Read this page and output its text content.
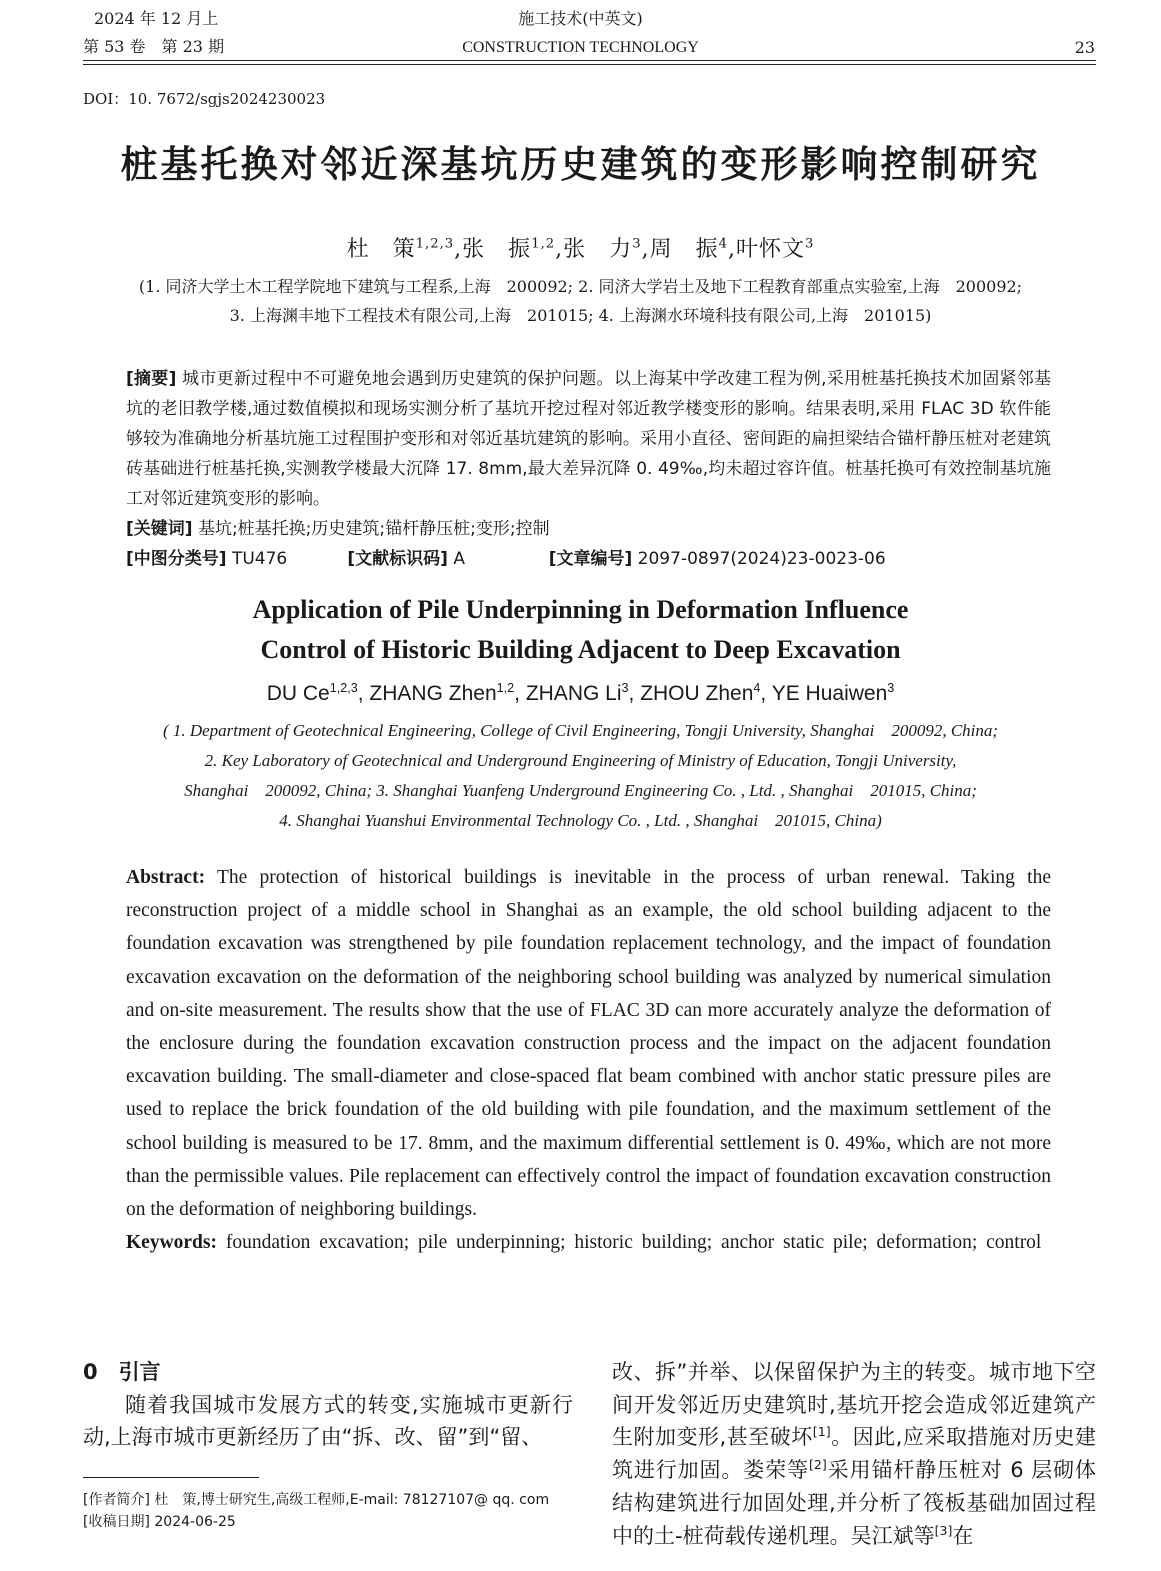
2024 年 12 月上
第 53 卷　第 23 期
施工技术(中英文)
CONSTRUCTION TECHNOLOGY	23
DOI：10. 7672/sgjs2024230023
桩基托换对邻近深基坑历史建筑的变形影响控制研究
杜　策$^{1,2,3}$,张　振$^{1,2}$,张　力$^3$,周　振$^4$,叶怀文$^3$
(1. 同济大学土木工程学院地下建筑与工程系,上海　200092; 2. 同济大学岩土及地下工程教育部重点实验室,上海　200092;
3. 上海渊丰地下工程技术有限公司,上海　201015; 4. 上海渊水环境科技有限公司,上海　201015)

[摘要] 城市更新过程中不可避免地会遇到历史建筑的保护问题。以上海某中学改建工程为例,采用桩基托换技术加固紧邻基坑的老旧教学楼,通过数值模拟和现场实测分析了基坑开挖过程对邻近教学楼变形的影响。结果表明,采用 FLAC 3D 软件能够较为准确地分析基坑施工过程围护变形和对邻近基坑建筑的影响。采用小直径、密间距的扁担梁结合锚杆静压桩对老建筑砖基础进行桩基托换,实测教学楼最大沉降 17. 8mm,最大差异沉降 0. 49‰,均未超过容许值。桩基托换可有效控制基坑施工对邻近建筑变形的影响。

[关键词] 基坑;桩基托换;历史建筑;锚杆静压桩;变形;控制

[中图分类号] TU476	[文献标识码] A	[文章编号] 2097-0897(2024)23-0023-06

Application of Pile Underpinning in Deformation Influence
Control of Historic Building Adjacent to Deep Excavation
DU Ce$^{1,2,3}$, ZHANG Zhen$^{1,2}$, ZHANG Li$^3$, ZHOU Zhen$^4$, YE Huaiwen$^3$
( 1. Department of Geotechnical Engineering, College of Civil Engineering, Tongji University, Shanghai　200092, China;
2. Key Laboratory of Geotechnical and Underground Engineering of Ministry of Education, Tongji University,
Shanghai　200092, China; 3. Shanghai Yuanfeng Underground Engineering Co. , Ltd. , Shanghai　201015, China;
4. Shanghai Yuanshui Environmental Technology Co. , Ltd. , Shanghai　201015, China)

Abstract: The protection of historical buildings is inevitable in the process of urban renewal. Taking the reconstruction project of a middle school in Shanghai as an example, the old school building adjacent to the foundation excavation was strengthened by pile foundation replacement technology, and the impact of foundation excavation excavation on the deformation of the neighboring school building was analyzed by numerical simulation and on-site measurement. The results show that the use of FLAC 3D can more accurately analyze the deformation of the enclosure during the foundation excavation construction process and the impact on the adjacent foundation excavation building. The small-diameter and close-spaced flat beam combined with anchor static pressure piles are used to replace the brick foundation of the old building with pile foundation, and the maximum settlement of the school building is measured to be 17. 8mm, and the maximum differential settlement is 0. 49‰, which are not more than the permissible values. Pile replacement can effectively control the impact of foundation excavation construction on the deformation of neighboring buildings.

Keywords: foundation excavation; pile underpinning; historic building; anchor static pile; deformation; control

0　 引言

随着我国城市发展方式的转变,实施城市更新行动,上海市城市更新经历了由“拆、改、留”到“留、

[作者简介] 杜　策,博士研究生,高级工程师,E-mail: 78127107@ qq. com
[收稿日期] 2024-06-25

改、拆”并举、以保留保护为主的转变。城市地下空间开发邻近历史建筑时,基坑开挖会造成邻近建筑产生附加变形,甚至破坏[1]。因此,应采取措施对历史建筑进行加固。娄荣等[2]采用锚杆静压桩对 6 层砌体结构建筑进行加固处理,并分析了筏板基础加固过程中的土-桩荷载传递机理。吴江斌等[3]在
